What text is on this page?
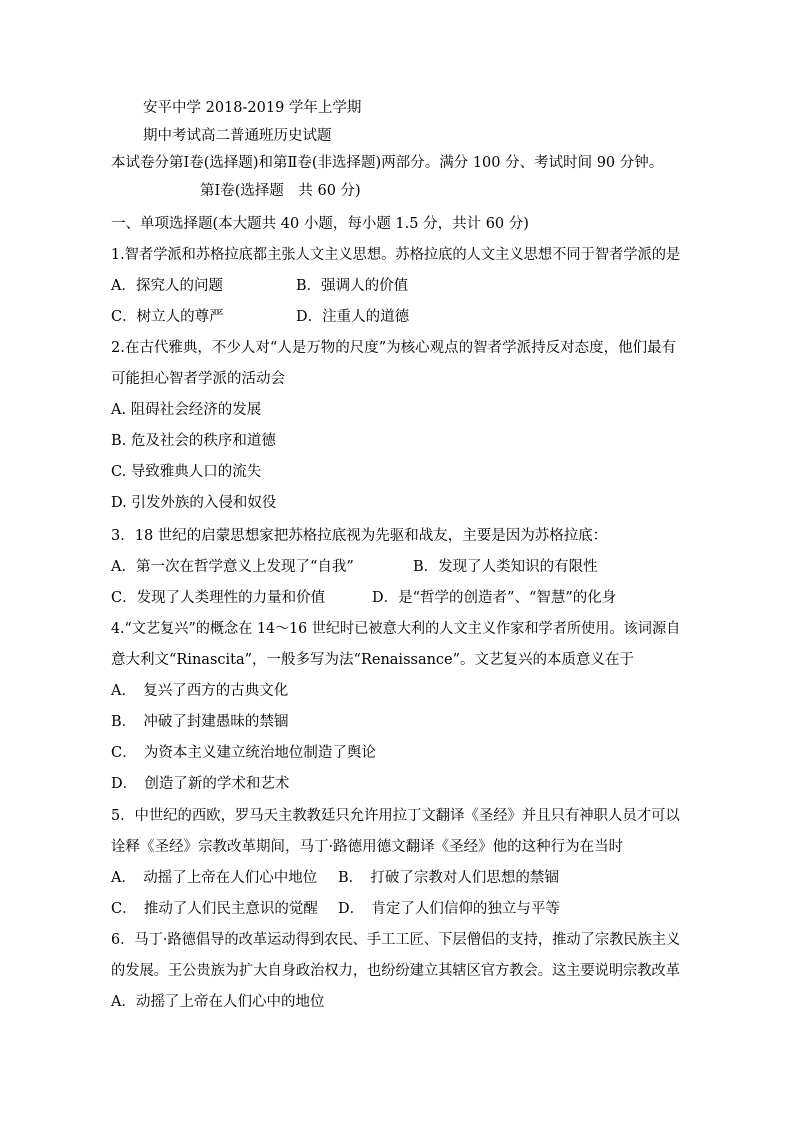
安平中学 2018-2019 学年上学期
期中考试高二普通班历史试题
本试卷分第Ⅰ卷(选择题)和第Ⅱ卷(非选择题)两部分。满分 100 分、考试时间 90 分钟。
第Ⅰ卷(选择题　共 60 分)
一、单项选择题(本大题共 40 小题，每小题 1.5 分，共计 60 分)
1.智者学派和苏格拉底都主张人文主义思想。苏格拉底的人文主义思想不同于智者学派的是
A．探究人的问题	B．强调人的价值
C．树立人的尊严	D．注重人的道德
2.在古代雅典，不少人对“人是万物的尺度”为核心观点的智者学派持反对态度，他们最有
可能担心智者学派的活动会
A. 阻碍社会经济的发展
B. 危及社会的秩序和道德
C. 导致雅典人口的流失
D. 引发外族的入侵和奴役
3．18 世纪的启蒙思想家把苏格拉底视为先驱和战友，主要是因为苏格拉底：
A．第一次在哲学意义上发现了“自我”	B．发现了人类知识的有限性
C．发现了人类理性的力量和价值	D．是“哲学的创造者”、“智慧”的化身
4.“文艺复兴”的概念在 14～16 世纪时已被意大利的人文主义作家和学者所使用。该词源自
意大利文“Rinascita”，一般多写为法“Renaissance”。文艺复兴的本质意义在于
A．　复兴了西方的古典文化
B．　冲破了封建愚昧的禁锢
C．　为资本主义建立统治地位制造了舆论
D．　创造了新的学术和艺术
5．中世纪的西欧，罗马天主教教廷只允许用拉丁文翻译《圣经》并且只有神职人员才可以
诠释《圣经》宗教改革期间，马丁·路德用德文翻译《圣经》他的这种行为在当时
A．　动摇了上帝在人们心中地位 B．　打破了宗教对人们思想的禁锢
C．　推动了人们民主意识的觉醒 D．　肯定了人们信仰的独立与平等
6．马丁·路德倡导的改革运动得到农民、手工工匠、下层僧侣的支持，推动了宗教民族主义
的发展。王公贵族为扩大自身政治权力，也纷纷建立其辖区官方教会。这主要说明宗教改革
A．动摇了上帝在人们心中的地位
